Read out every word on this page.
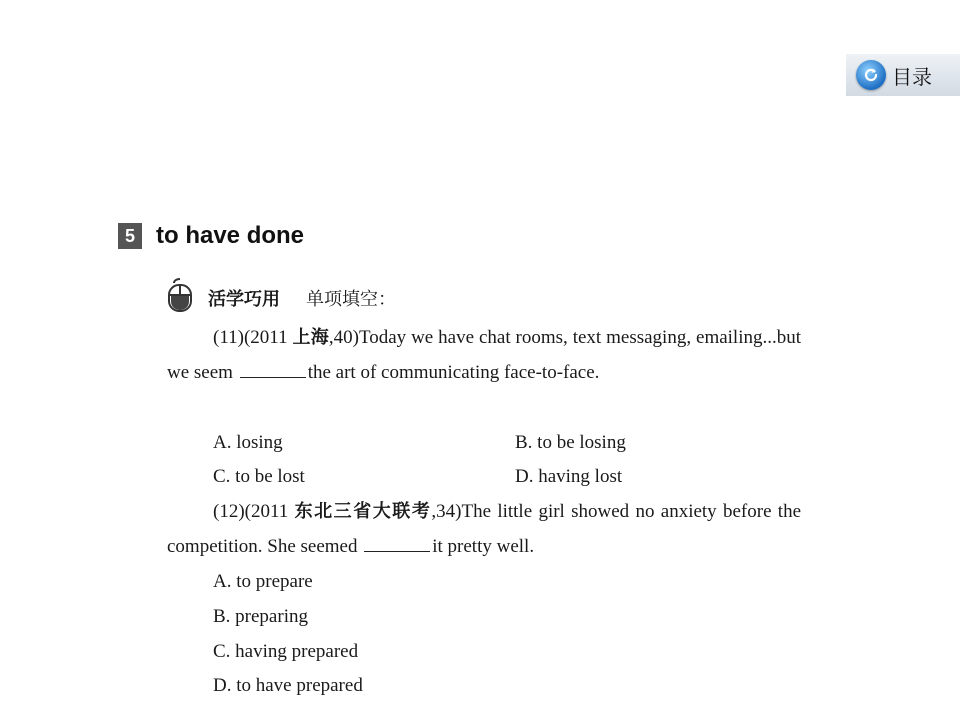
目录
5 to have done
活学巧用 单项填空：

(11)(2011 上海,40)Today we have chat rooms, text messaging, emailing...but we seem	the art of communicating face-to-face.

A. losing	B. to be losing
C. to be lost	D. having lost

(12)(2011 东北三省大联考,34)The little girl showed no anxiety before the competition. She seemed	it pretty well.

A. to prepare
B. preparing
C. having prepared
D. to have prepared
